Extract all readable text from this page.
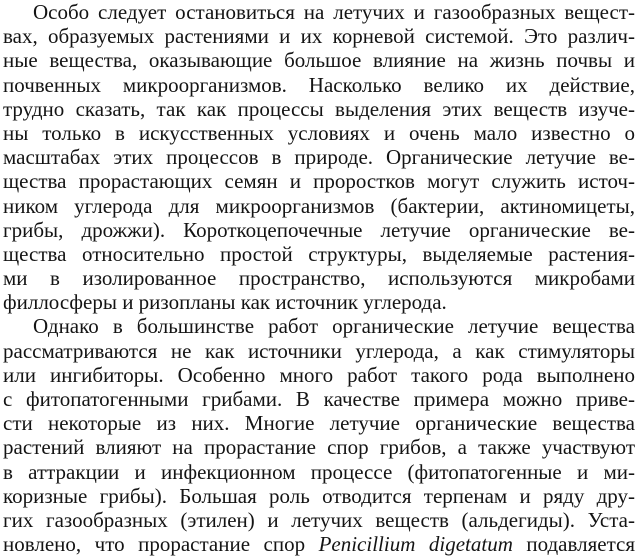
Особо следует остановиться на летучих и газообразных вещест-
вах, образуемых растениями и их корневой системой. Это различ-
ные вещества, оказывающие большое влияние на жизнь почвы и
почвенных микроорганизмов. Насколько велико их действие,
трудно сказать, так как процессы выделения этих веществ изуче-
ны только в искусственных условиях и очень мало известно о
масштабах этих процессов в природе. Органические летучие ве-
щества прорастающих семян и проростков могут служить источ-
ником углерода для микроорганизмов (бактерии, актиномицеты,
грибы, дрожжи). Короткоцепочечные летучие органические ве-
щества относительно простой структуры, выделяемые растения-
ми в изолированное пространство, используются микробами
филлосферы и ризопланы как источник углерода.
Однако в большинстве работ органические летучие вещества
рассматриваются не как источники углерода, а как стимуляторы
или ингибиторы. Особенно много работ такого рода выполнено
с фитопатогенными грибами. В качестве примера можно приве-
сти некоторые из них. Многие летучие органические вещества
растений влияют на прорастание спор грибов, а также участвуют
в аттракции и инфекционном процессе (фитопатогенные и ми-
коризные грибы). Большая роль отводится терпенам и ряду дру-
гих газообразных (этилен) и летучих веществ (альдегиды). Уста-
новлено, что прорастание спор Penicillium digetatum подавляется
